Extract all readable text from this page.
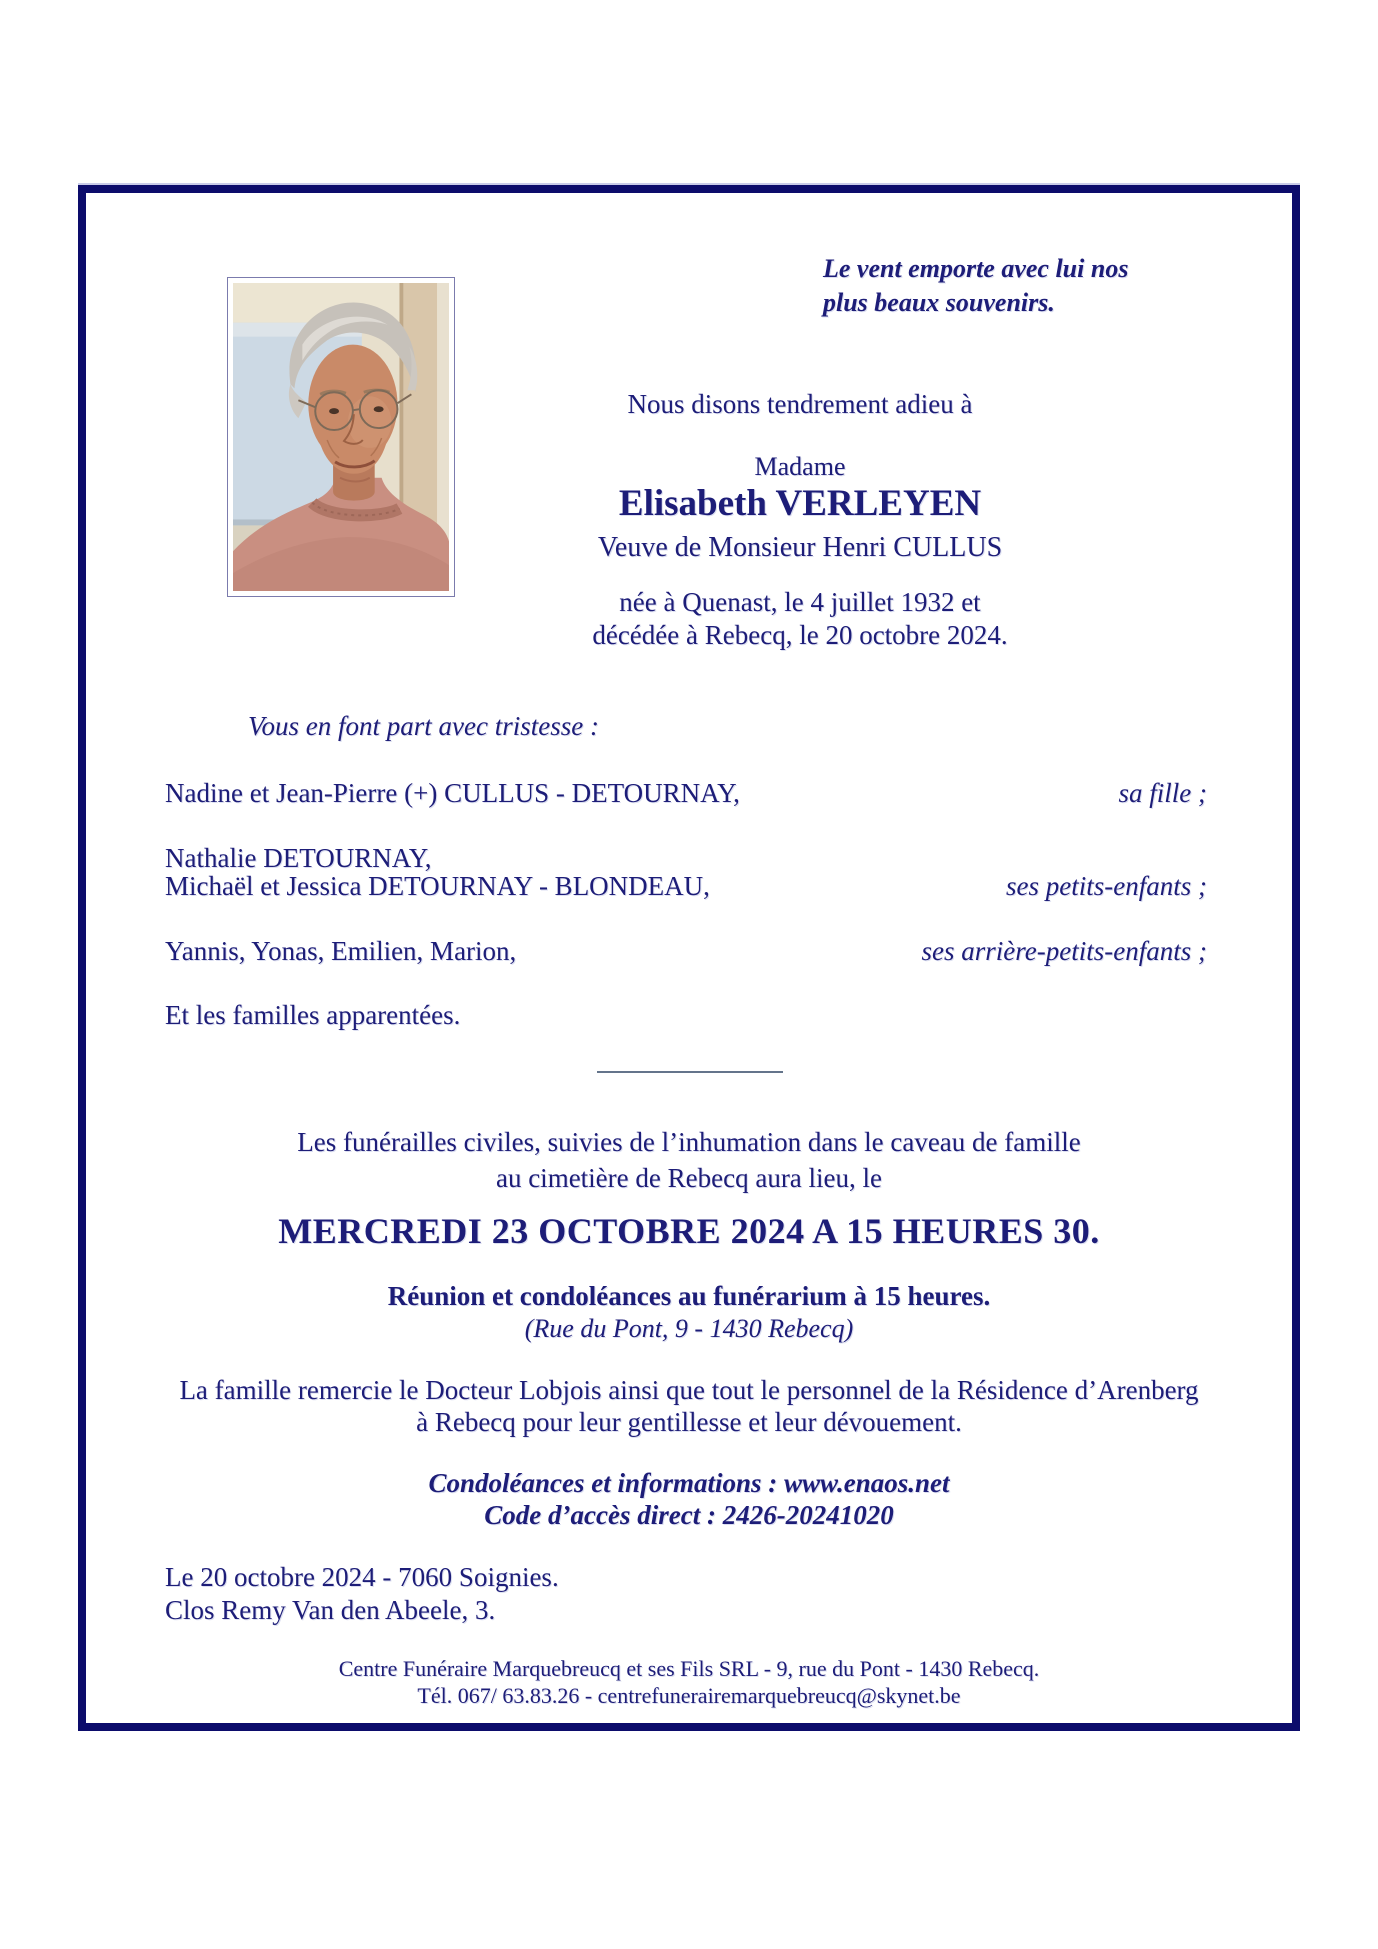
Le vent emporte avec lui nos
plus beaux souvenirs.
Nous disons tendrement adieu à
Madame
Elisabeth VERLEYEN
Veuve de Monsieur Henri CULLUS
née à Quenast, le 4 juillet 1932 et
décédée à Rebecq, le 20 octobre 2024.
Vous en font part avec tristesse :
Nadine et Jean-Pierre (+) CULLUS - DETOURNAY,	sa fille ;
Nathalie DETOURNAY,
Michaël et Jessica DETOURNAY - BLONDEAU,	ses petits-enfants ;
Yannis, Yonas, Emilien, Marion,	ses arrière-petits-enfants ;
Et les familles apparentées.
Les funérailles civiles, suivies de l’inhumation dans le caveau de famille
au cimetière de Rebecq aura lieu, le
MERCREDI 23 OCTOBRE 2024 A 15 HEURES 30.
Réunion et condoléances au funérarium à 15 heures.
(Rue du Pont, 9 - 1430 Rebecq)
La famille remercie le Docteur Lobjois ainsi que tout le personnel de la Résidence d’Arenberg
à Rebecq pour leur gentillesse et leur dévouement.
Condoléances et informations : www.enaos.net
Code d’accès direct : 2426-20241020
Le 20 octobre 2024 - 7060 Soignies.
Clos Remy Van den Abeele, 3.
Centre Funéraire Marquebreucq et ses Fils SRL - 9, rue du Pont - 1430 Rebecq.
Tél. 067/ 63.83.26 - centrefunerairemarquebreucq@skynet.be
